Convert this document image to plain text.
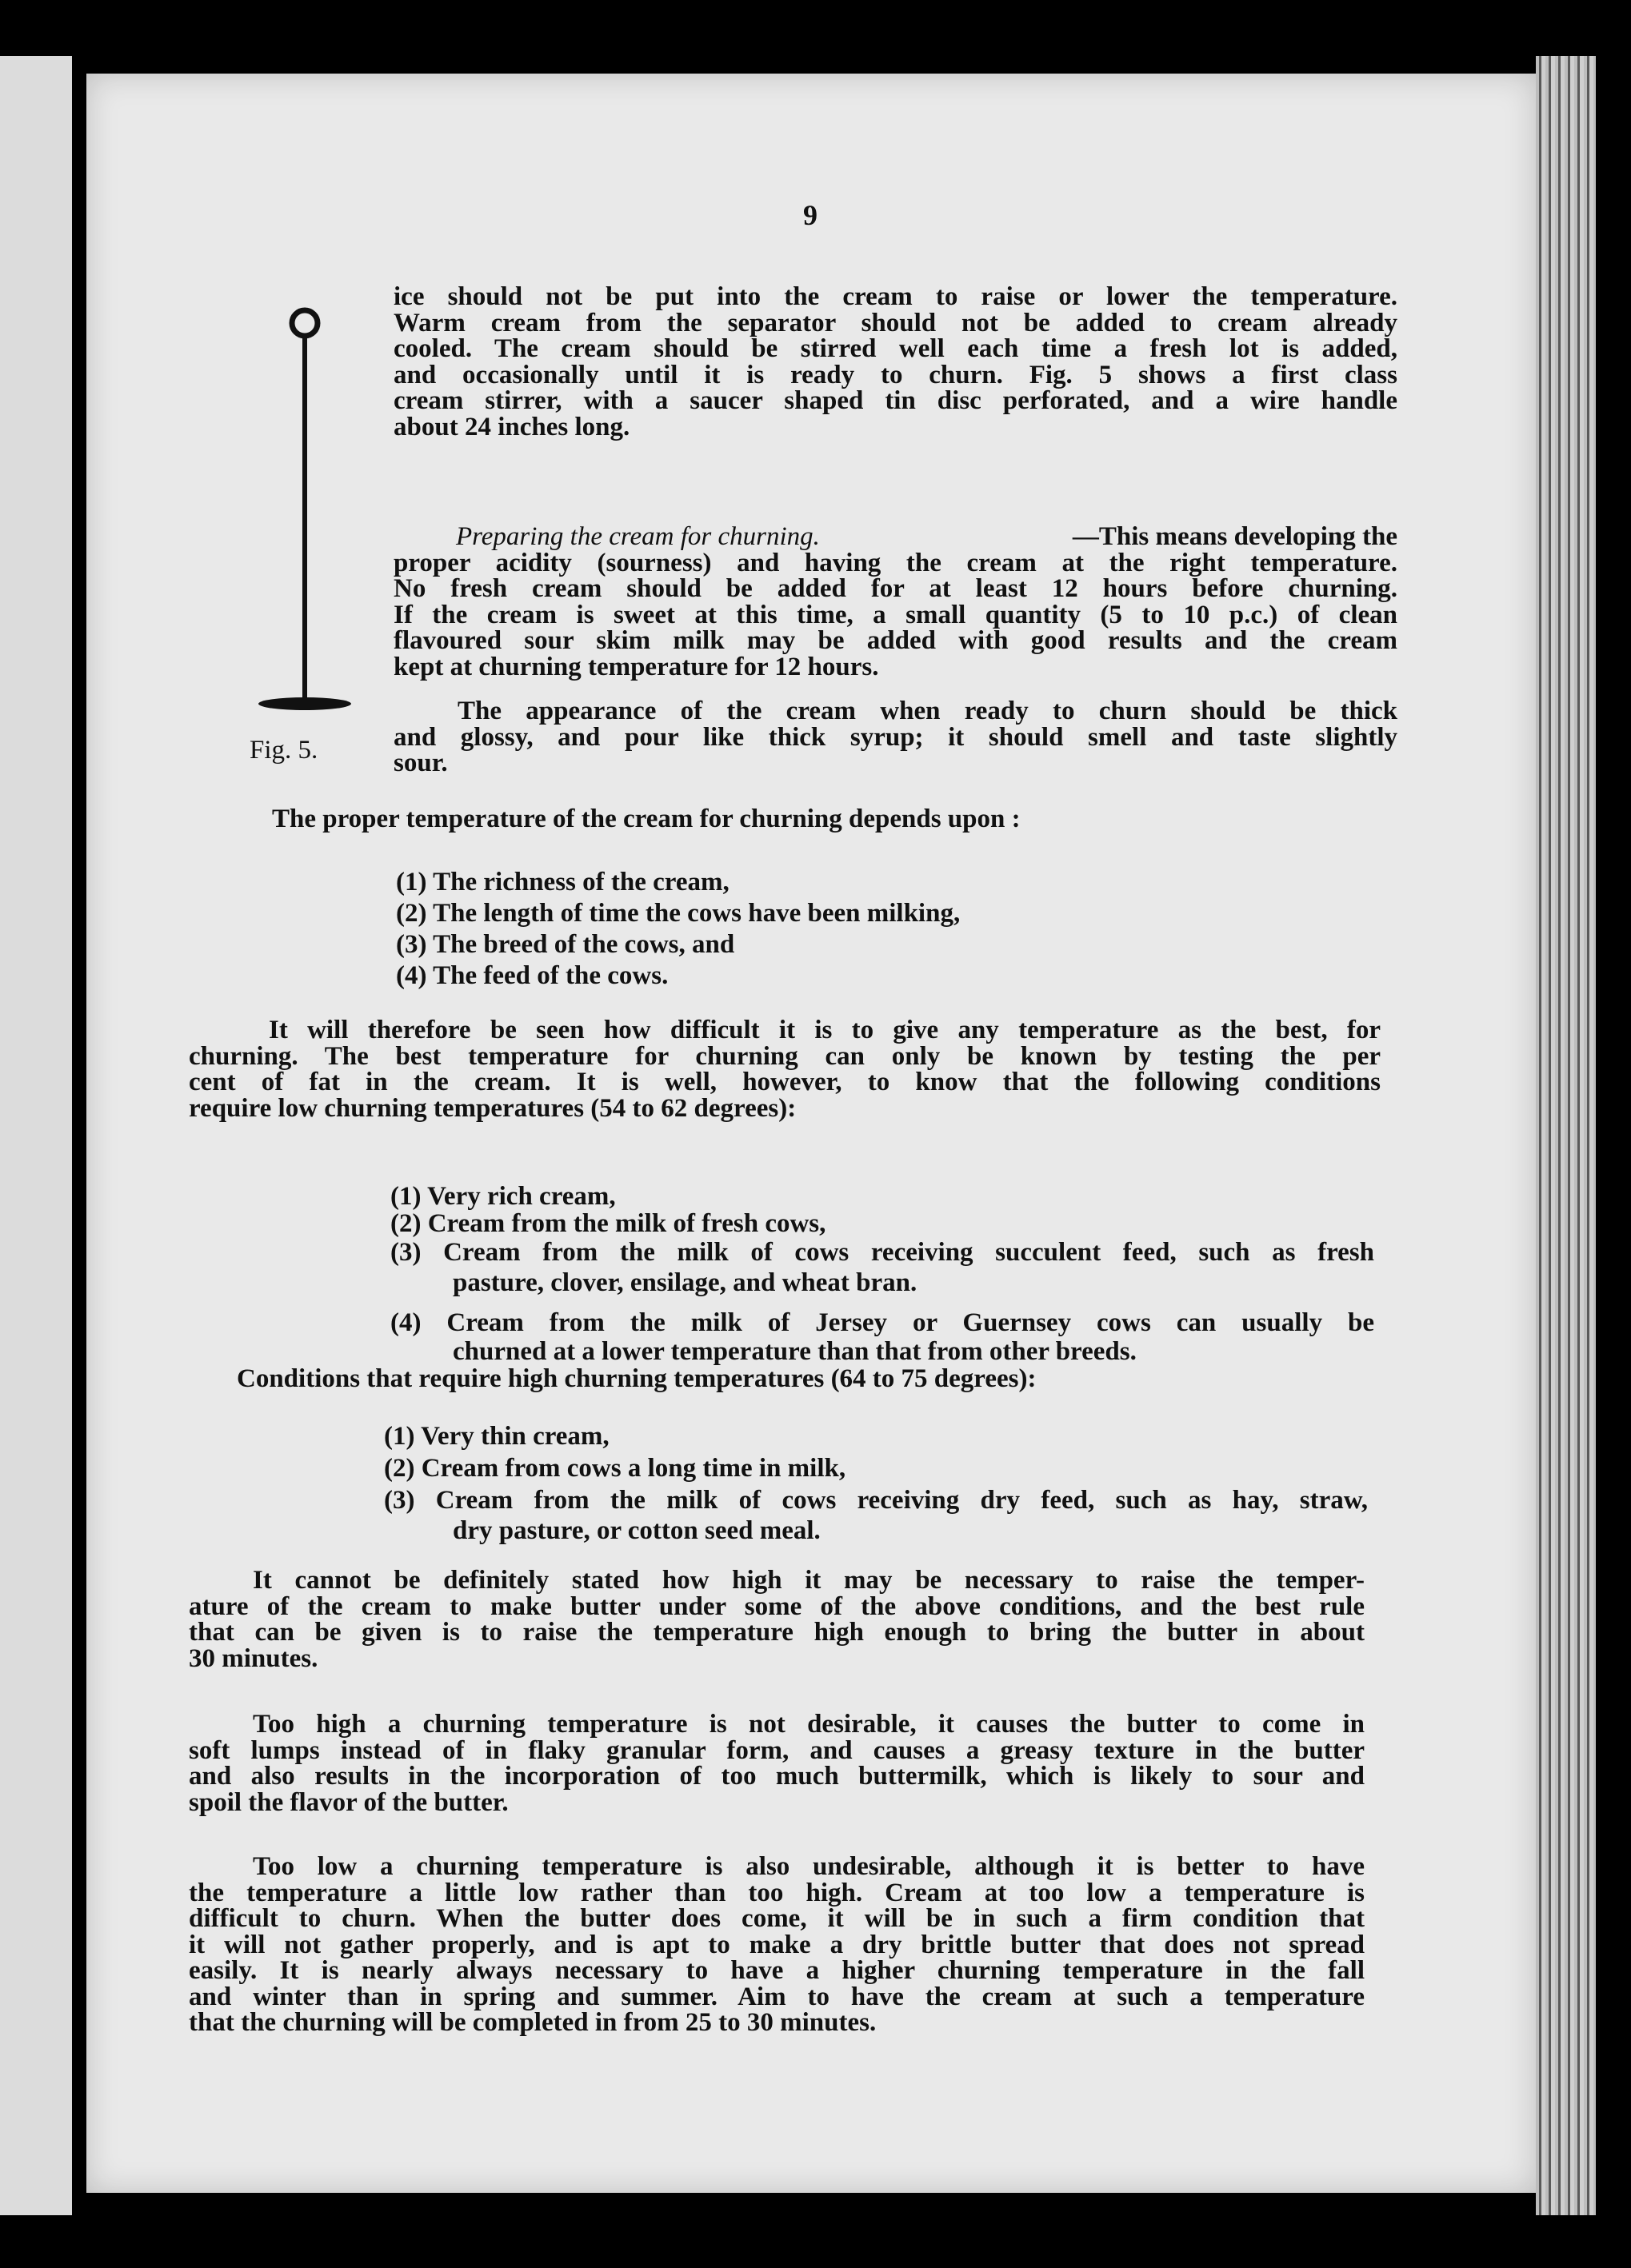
9
Fig. 5.
ice should not be put into the cream to raise or lower the temperature.
Warm cream from the separator should not be added to cream already
cooled. The cream should be stirred well each time a fresh lot is added,
and occasionally until it is ready to churn. Fig. 5 shows a first class
cream stirrer, with a saucer shaped tin disc perforated, and a wire handle
about 24 inches long.
Preparing the cream for churning.	—This means developing the
proper acidity (sourness) and having the cream at the right temperature.
No fresh cream should be added for at least 12 hours before churning.
If the cream is sweet at this time, a small quantity (5 to 10 p.c.) of clean
flavoured sour skim milk may be added with good results and the cream
kept at churning temperature for 12 hours.
The appearance of the cream when ready to churn should be thick
and glossy, and pour like thick syrup; it should smell and taste slightly
sour.
The proper temperature of the cream for churning depends upon :
(1) The richness of the cream,
(2) The length of time the cows have been milking,
(3) The breed of the cows, and
(4) The feed of the cows.
It will therefore be seen how difficult it is to give any temperature as the best, for
churning. The best temperature for churning can only be known by testing the per
cent of fat in the cream. It is well, however, to know that the following conditions
require low churning temperatures (54 to 62 degrees):
(1) Very rich cream,
(2) Cream from the milk of fresh cows,
(3) Cream from the milk of cows receiving succulent feed, such as fresh
pasture, clover, ensilage, and wheat bran.
(4) Cream from the milk of Jersey or Guernsey cows can usually be
churned at a lower temperature than that from other breeds.
Conditions that require high churning temperatures (64 to 75 degrees):
(1) Very thin cream,
(2) Cream from cows a long time in milk,
(3) Cream from the milk of cows receiving dry feed, such as hay, straw,
dry pasture, or cotton seed meal.
It cannot be definitely stated how high it may be necessary to raise the temper-
ature of the cream to make butter under some of the above conditions, and the best rule
that can be given is to raise the temperature high enough to bring the butter in about
30 minutes.
Too high a churning temperature is not desirable, it causes the butter to come in
soft lumps instead of in flaky granular form, and causes a greasy texture in the butter
and also results in the incorporation of too much buttermilk, which is likely to sour and
spoil the flavor of the butter.
Too low a churning temperature is also undesirable, although it is better to have
the temperature a little low rather than too high. Cream at too low a temperature is
difficult to churn. When the butter does come, it will be in such a firm condition that
it will not gather properly, and is apt to make a dry brittle butter that does not spread
easily. It is nearly always necessary to have a higher churning temperature in the fall
and winter than in spring and summer. Aim to have the cream at such a temperature
that the churning will be completed in from 25 to 30 minutes.
